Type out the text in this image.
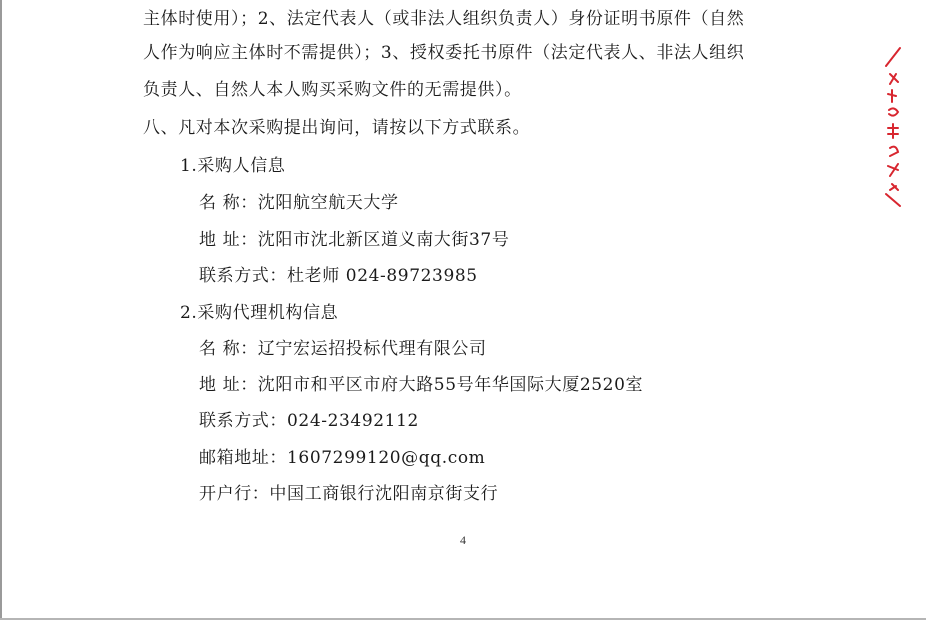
主体时使用）；2、法定代表人（或非法人组织负责人）身份证明书原件（自然
人作为响应主体时不需提供）；3、授权委托书原件（法定代表人、非法人组织
负责人、自然人本人购买采购文件的无需提供）。
八、凡对本次采购提出询问，请按以下方式联系。
1.采购人信息
名 称：沈阳航空航天大学
地 址：沈阳市沈北新区道义南大街37号
联系方式：杜老师 024-89723985
2.采购代理机构信息
名 称：辽宁宏运招投标代理有限公司
地 址：沈阳市和平区市府大路55号年华国际大厦2520室
联系方式：024-23492112
邮箱地址：1607299120@qq.com
开户行：中国工商银行沈阳南京街支行
4
